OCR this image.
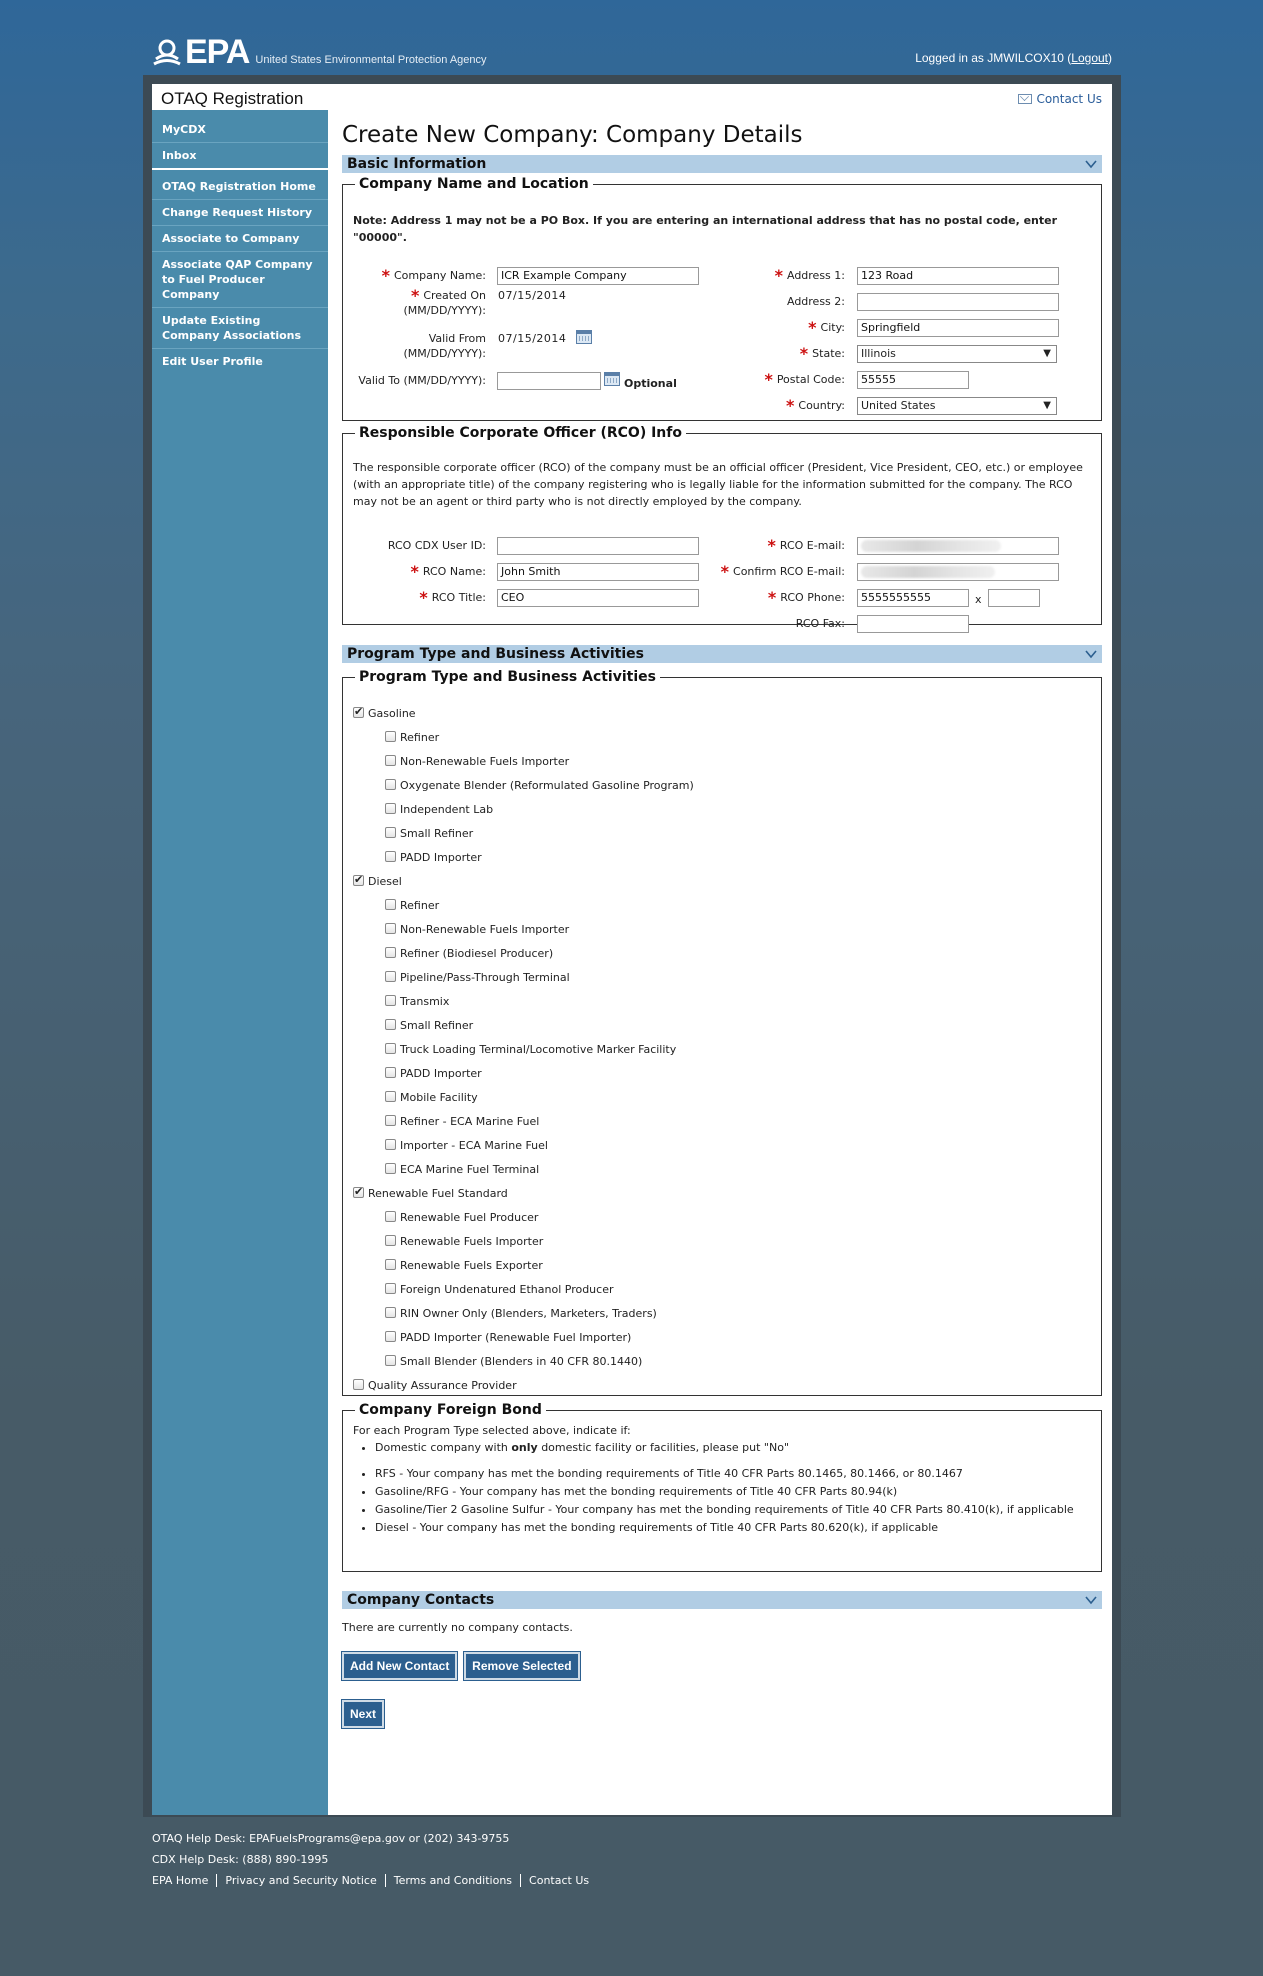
EPA United States Environmental Protection Agency	Logged in as JMWILCOX10 (Logout)
OTAQ Registration	Contact Us
MyCDX
Inbox
OTAQ Registration Home
Change Request History
Associate to Company
Associate QAP Company to Fuel Producer Company
Update Existing Company Associations
Edit User Profile
Create New Company: Company Details
Basic Information
Company Name and Location
Note: Address 1 may not be a PO Box. If you are entering an international address that has no postal code, enter "00000".
* Company Name:	ICR Example Company
* Created On (MM/DD/YYYY):
07/15/2014
Valid From (MM/DD/YYYY):
07/15/2014
Valid To (MM/DD/YYYY):	Optional
* Address 1:	123 Road
Address 2:
* City:	Springfield
* State:	Illinois	▼
* Postal Code:	55555
* Country:	United States	▼
Responsible Corporate Officer (RCO) Info
The responsible corporate officer (RCO) of the company must be an official officer (President, Vice President, CEO, etc.) or employee (with an appropriate title) of the company registering who is legally liable for the information submitted for the company. The RCO may not be an agent or third party who is not directly employed by the company.
RCO CDX User ID:
* RCO Name:	John Smith
* RCO Title:	CEO
* RCO E-mail:
* Confirm RCO E-mail:
* RCO Phone:	5555555555	x
RCO Fax:
Program Type and Business Activities
Program Type and Business Activities
✔Gasoline
Refiner
Non-Renewable Fuels Importer
Oxygenate Blender (Reformulated Gasoline Program)
Independent Lab
Small Refiner
PADD Importer
✔Diesel
Refiner
Non-Renewable Fuels Importer
Refiner (Biodiesel Producer)
Pipeline/Pass-Through Terminal
Transmix
Small Refiner
Truck Loading Terminal/Locomotive Marker Facility
PADD Importer
Mobile Facility
Refiner - ECA Marine Fuel
Importer - ECA Marine Fuel
ECA Marine Fuel Terminal
✔Renewable Fuel Standard
Renewable Fuel Producer
Renewable Fuels Importer
Renewable Fuels Exporter
Foreign Undenatured Ethanol Producer
RIN Owner Only (Blenders, Marketers, Traders)
PADD Importer (Renewable Fuel Importer)
Small Blender (Blenders in 40 CFR 80.1440)
Quality Assurance Provider
Company Foreign Bond
For each Program Type selected above, indicate if:
• Domestic company with only domestic facility or facilities, please put "No"
• RFS - Your company has met the bonding requirements of Title 40 CFR Parts 80.1465, 80.1466, or 80.1467
• Gasoline/RFG - Your company has met the bonding requirements of Title 40 CFR Parts 80.94(k)
• Gasoline/Tier 2 Gasoline Sulfur - Your company has met the bonding requirements of Title 40 CFR Parts 80.410(k), if applicable
• Diesel - Your company has met the bonding requirements of Title 40 CFR Parts 80.620(k), if applicable
Company Contacts
There are currently no company contacts.
Add New Contact Remove Selected
Next
OTAQ Help Desk: EPAFuelsPrograms@epa.gov or (202) 343-9755
CDX Help Desk: (888) 890-1995
EPA Home Privacy and Security Notice Terms and Conditions Contact Us
